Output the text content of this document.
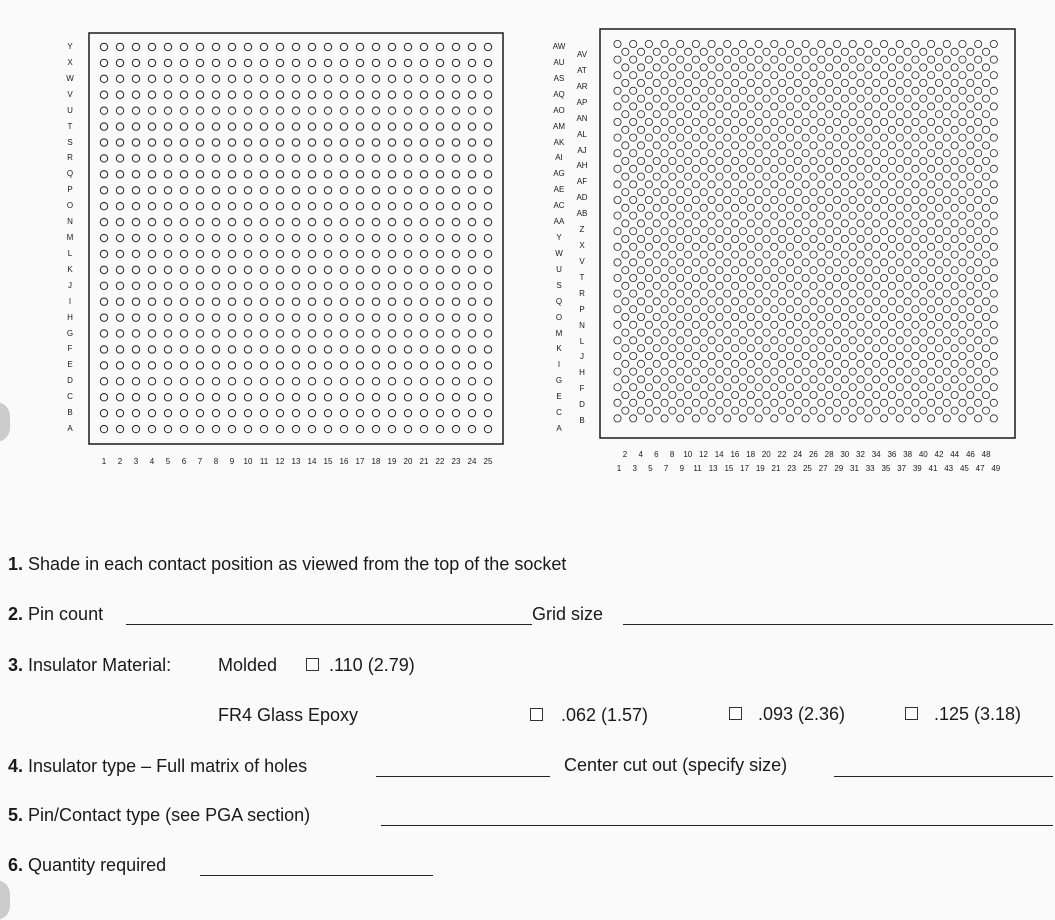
Y
X
W
V
U
T
S
R
Q
P
O
N
M
L
K
J
I
H
G
F
E
D
C
B
A
1	2	3	4	5	6	7	8	9	10 11 12 13 14 15 16 17 18 19 20 21 22 23 24 25
AW
AU
AS
AQ
AO
AM
AK
AI
AG
AE
AC
AA
Y
W
U
S
Q
O
M
K
I
G
E
C
A
AV
AT
AR
AP
AN
AL
AJ
AH
AF
AD
AB
Z
X
V
T
R
P
N
L
J
H
F
D
B
2	4	6	8	10 12 14 16 18 20 22 24 26 28 30 32 34 36 38 40 42 44 46 48
1	3	5	7	9	11 13 15 17 19 21 23 25 27 29 31 33 35 37 39 41 43 45 47 49
1. Shade in each contact position as viewed from the top of the socket
2. Pin count	Grid size
3. Insulator Material:	Molded	.110 (2.79)
FR4 Glass Epoxy	.062 (1.57)	.093 (2.36)	.125 (3.18)
4. Insulator type – Full matrix of holes	Center cut out (specify size)
5. Pin/Contact type (see PGA section)
6. Quantity required
